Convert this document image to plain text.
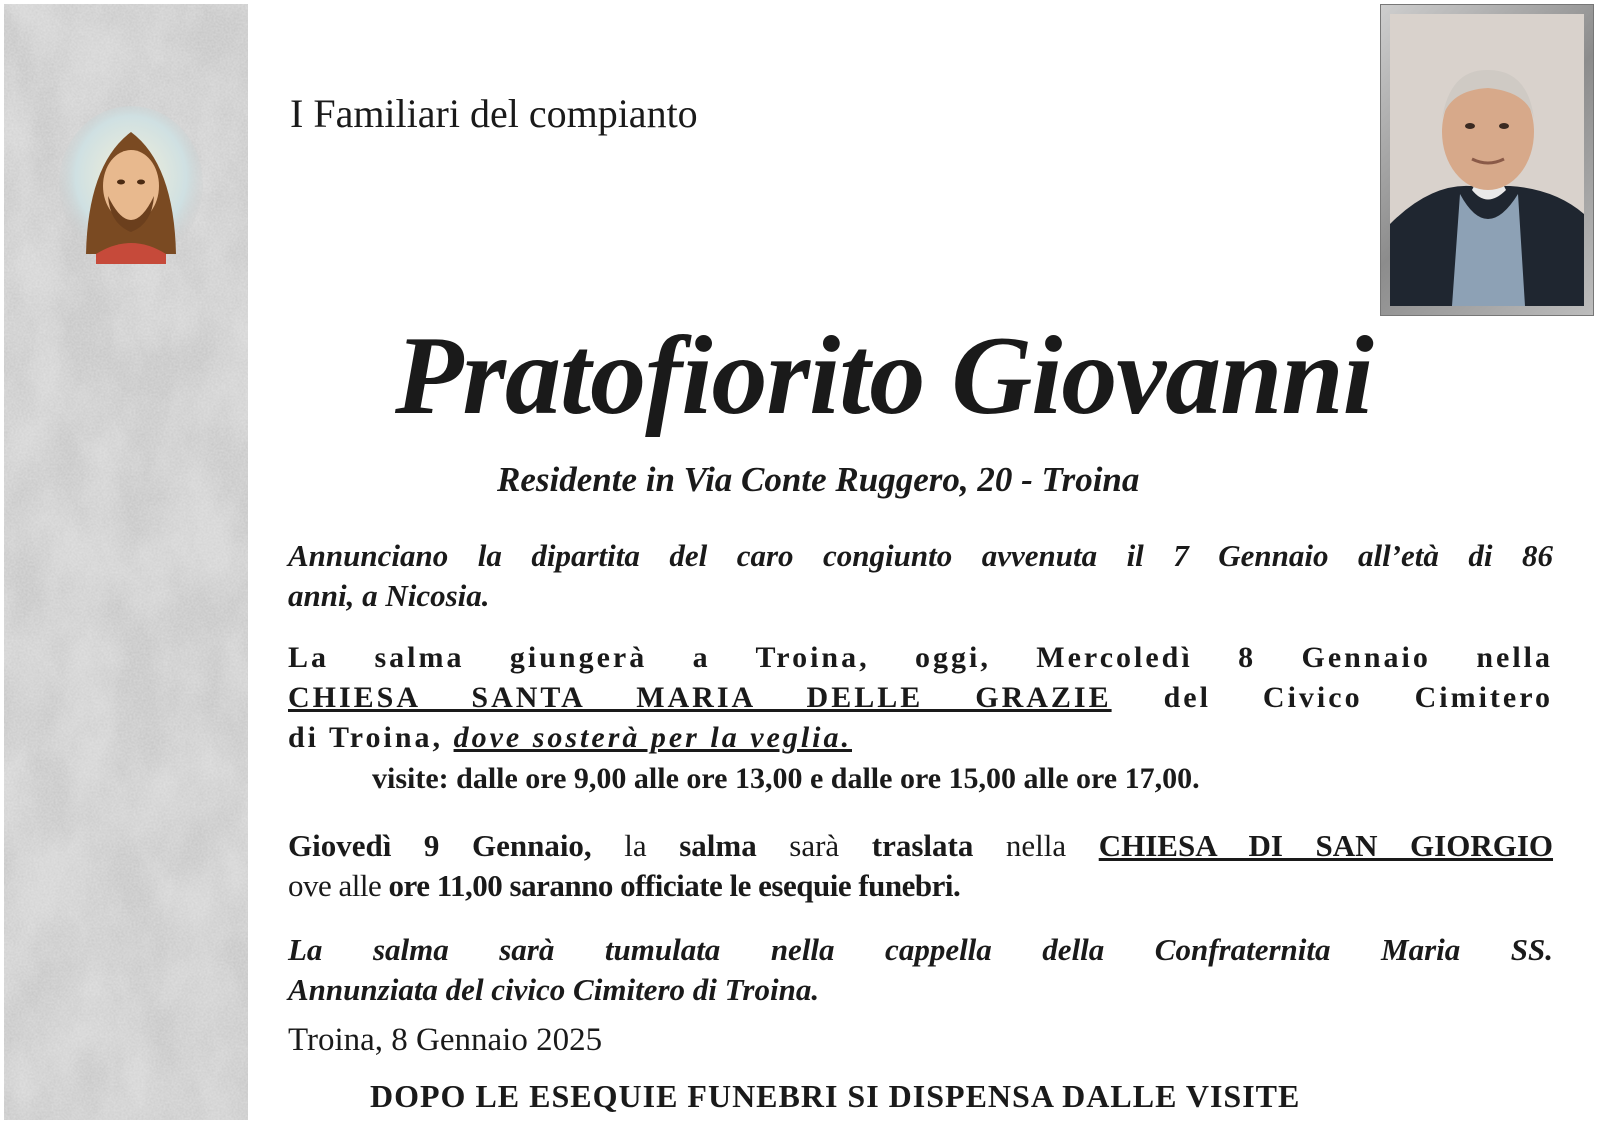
I Familiari del compianto
Pratofiorito Giovanni
Residente in Via Conte Ruggero, 20 - Troina
Annunciano la dipartita del caro congiunto avvenuta il 7 Gennaio all’età di 86
anni, a Nicosia.
La salma giungerà a Troina, oggi, Mercoledì 8 Gennaio nella
CHIESA SANTA MARIA DELLE GRAZIE del Civico Cimitero
di Troina, dove sosterà per la veglia.
visite: dalle ore 9,00 alle ore 13,00 e dalle ore 15,00 alle ore 17,00.
Giovedì 9 Gennaio, la salma sarà traslata nella CHIESA DI SAN GIORGIO
ove alle ore 11,00 saranno officiate le esequie funebri.
La salma sarà tumulata nella cappella della Confraternita Maria SS.
Annunziata del civico Cimitero di Troina.
Troina, 8 Gennaio 2025
DOPO LE ESEQUIE FUNEBRI SI DISPENSA DALLE VISITE
